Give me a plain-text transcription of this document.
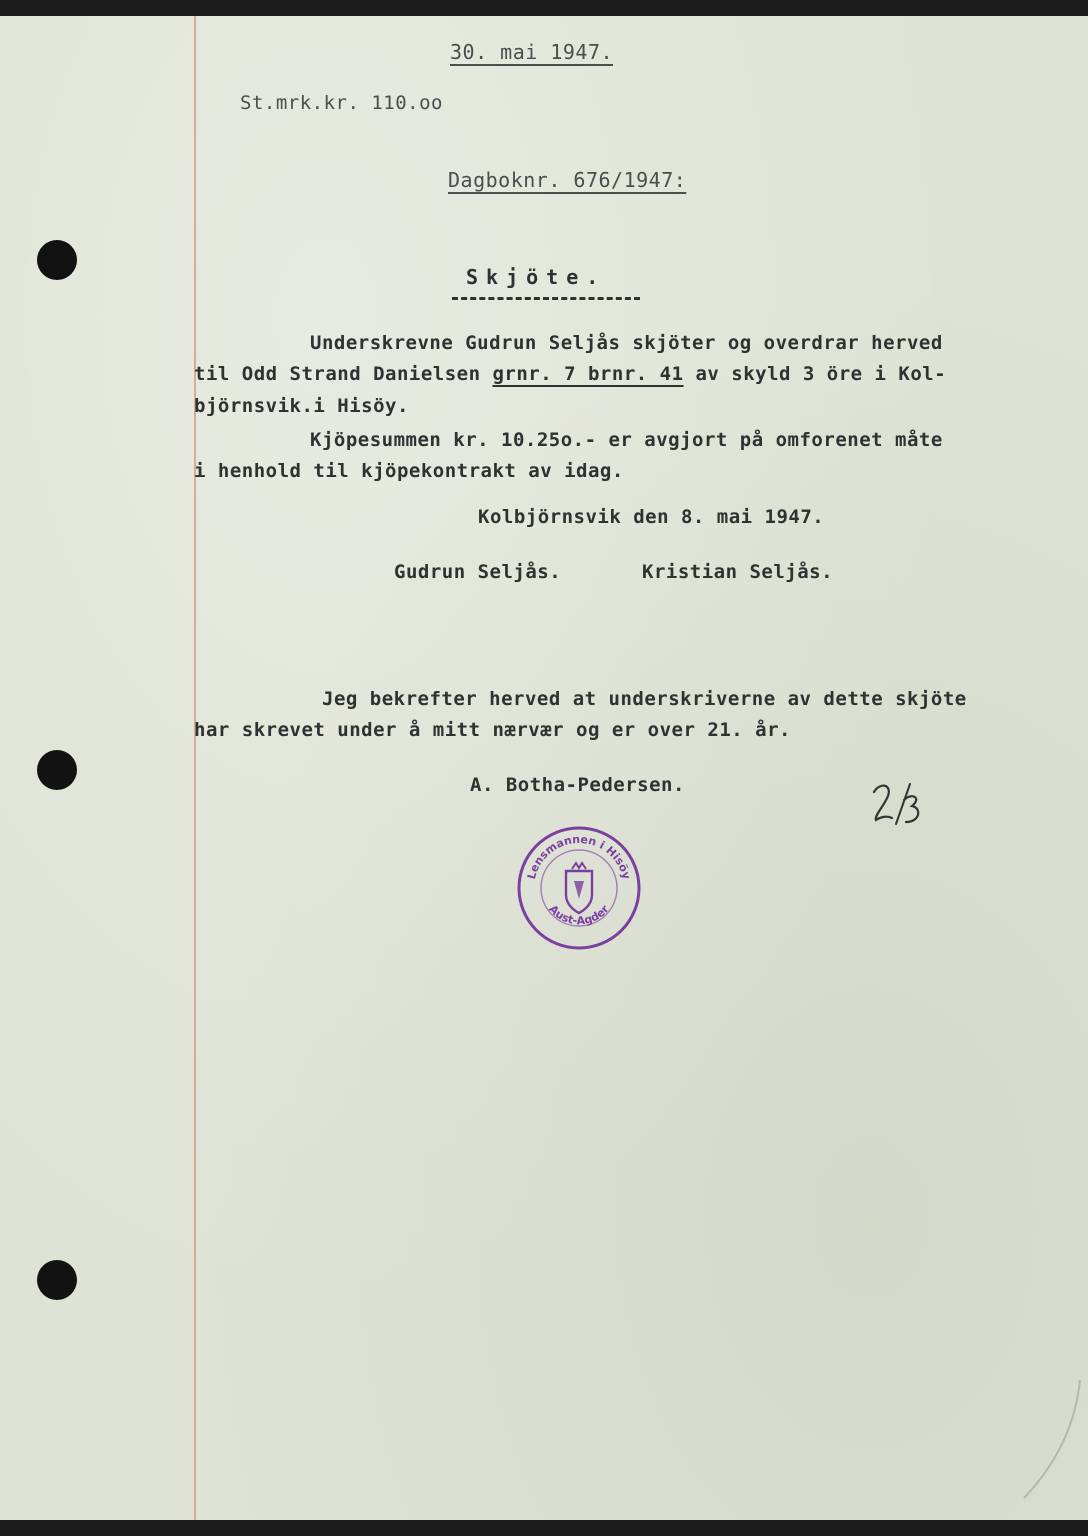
30. mai 1947.

St.mrk.kr. 110.oo

Dagboknr. 676/1947:

Skjöte.

Underskrevne Gudrun Seljås skjöter og overdrar herved

til Odd Strand Danielsen grnr. 7 brnr. 41 av skyld 3 öre i Kol-

björnsvik.i Hisöy.

Kjöpesummen kr. 10.25o.- er avgjort på omforenet måte

i henhold til kjöpekontrakt av idag.

Kolbjörnsvik den 8. mai 1947.

Gudrun Seljås.	Kristian Seljås.

Jeg bekrefter herved at underskriverne av dette skjöte

har skrevet under å mitt nærvær og er over 21. år.

A. Botha-Pedersen.

Lensmannen i Hisöy
Aust-Agder
